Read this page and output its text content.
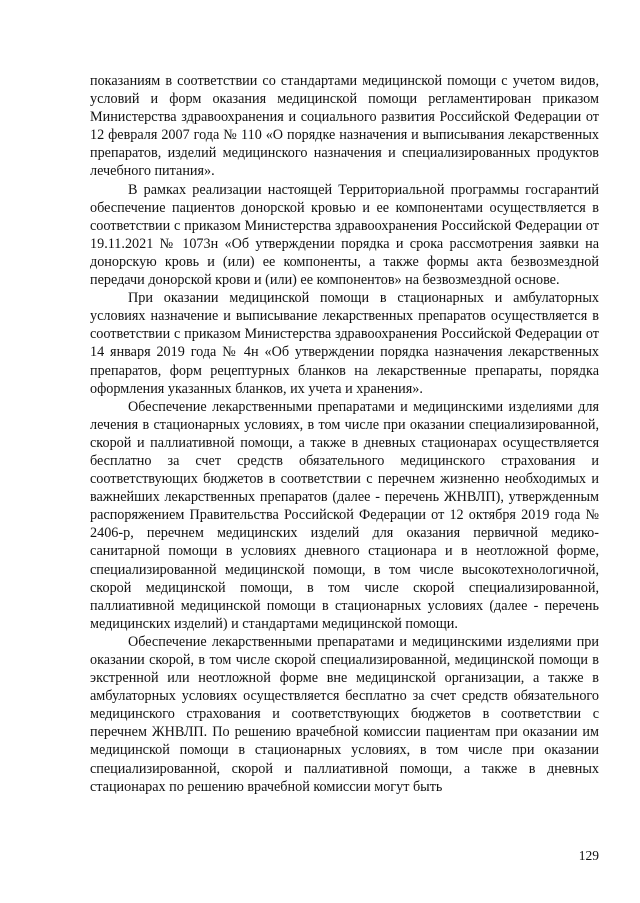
показаниям в соответствии со стандартами медицинской помощи с учетом видов, условий и форм оказания медицинской помощи регламентирован приказом Министерства здравоохранения и социального развития Российской Федерации от 12 февраля 2007 года № 110 «О порядке назначения и выписывания лекарственных препаратов, изделий медицинского назначения и специализированных продуктов лечебного питания».

В рамках реализации настоящей Территориальной программы госгарантий обеспечение пациентов донорской кровью и ее компонентами осуществляется в соответствии с приказом Министерства здравоохранения Российской Федерации от 19.11.2021 № 1073н «Об утверждении порядка и срока рассмотрения заявки на донорскую кровь и (или) ее компоненты, а также формы акта безвозмездной передачи донорской крови и (или) ее компонентов» на безвозмездной основе.

При оказании медицинской помощи в стационарных и амбулаторных условиях назначение и выписывание лекарственных препаратов осуществляется в соответствии с приказом Министерства здравоохранения Российской Федерации от 14 января 2019 года № 4н «Об утверждении порядка назначения лекарственных препаратов, форм рецептурных бланков на лекарственные препараты, порядка оформления указанных бланков, их учета и хранения».

Обеспечение лекарственными препаратами и медицинскими изделиями для лечения в стационарных условиях, в том числе при оказании специализированной, скорой и паллиативной помощи, а также в дневных стационарах осуществляется бесплатно за счет средств обязательного медицинского страхования и соответствующих бюджетов в соответствии с перечнем жизненно необходимых и важнейших лекарственных препаратов (далее - перечень ЖНВЛП), утвержденным распоряжением Правительства Российской Федерации от 12 октября 2019 года № 2406-р, перечнем медицинских изделий для оказания первичной медико-санитарной помощи в условиях дневного стационара и в неотложной форме, специализированной медицинской помощи, в том числе высокотехнологичной, скорой медицинской помощи, в том числе скорой специализированной, паллиативной медицинской помощи в стационарных условиях (далее - перечень медицинских изделий) и стандартами медицинской помощи.

Обеспечение лекарственными препаратами и медицинскими изделиями при оказании скорой, в том числе скорой специализированной, медицинской помощи в экстренной или неотложной форме вне медицинской организации, а также в амбулаторных условиях осуществляется бесплатно за счет средств обязательного медицинского страхования и соответствующих бюджетов в соответствии с перечнем ЖНВЛП. По решению врачебной комиссии пациентам при оказании им медицинской помощи в стационарных условиях, в том числе при оказании специализированной, скорой и паллиативной помощи, а также в дневных стационарах по решению врачебной комиссии могут быть

129
